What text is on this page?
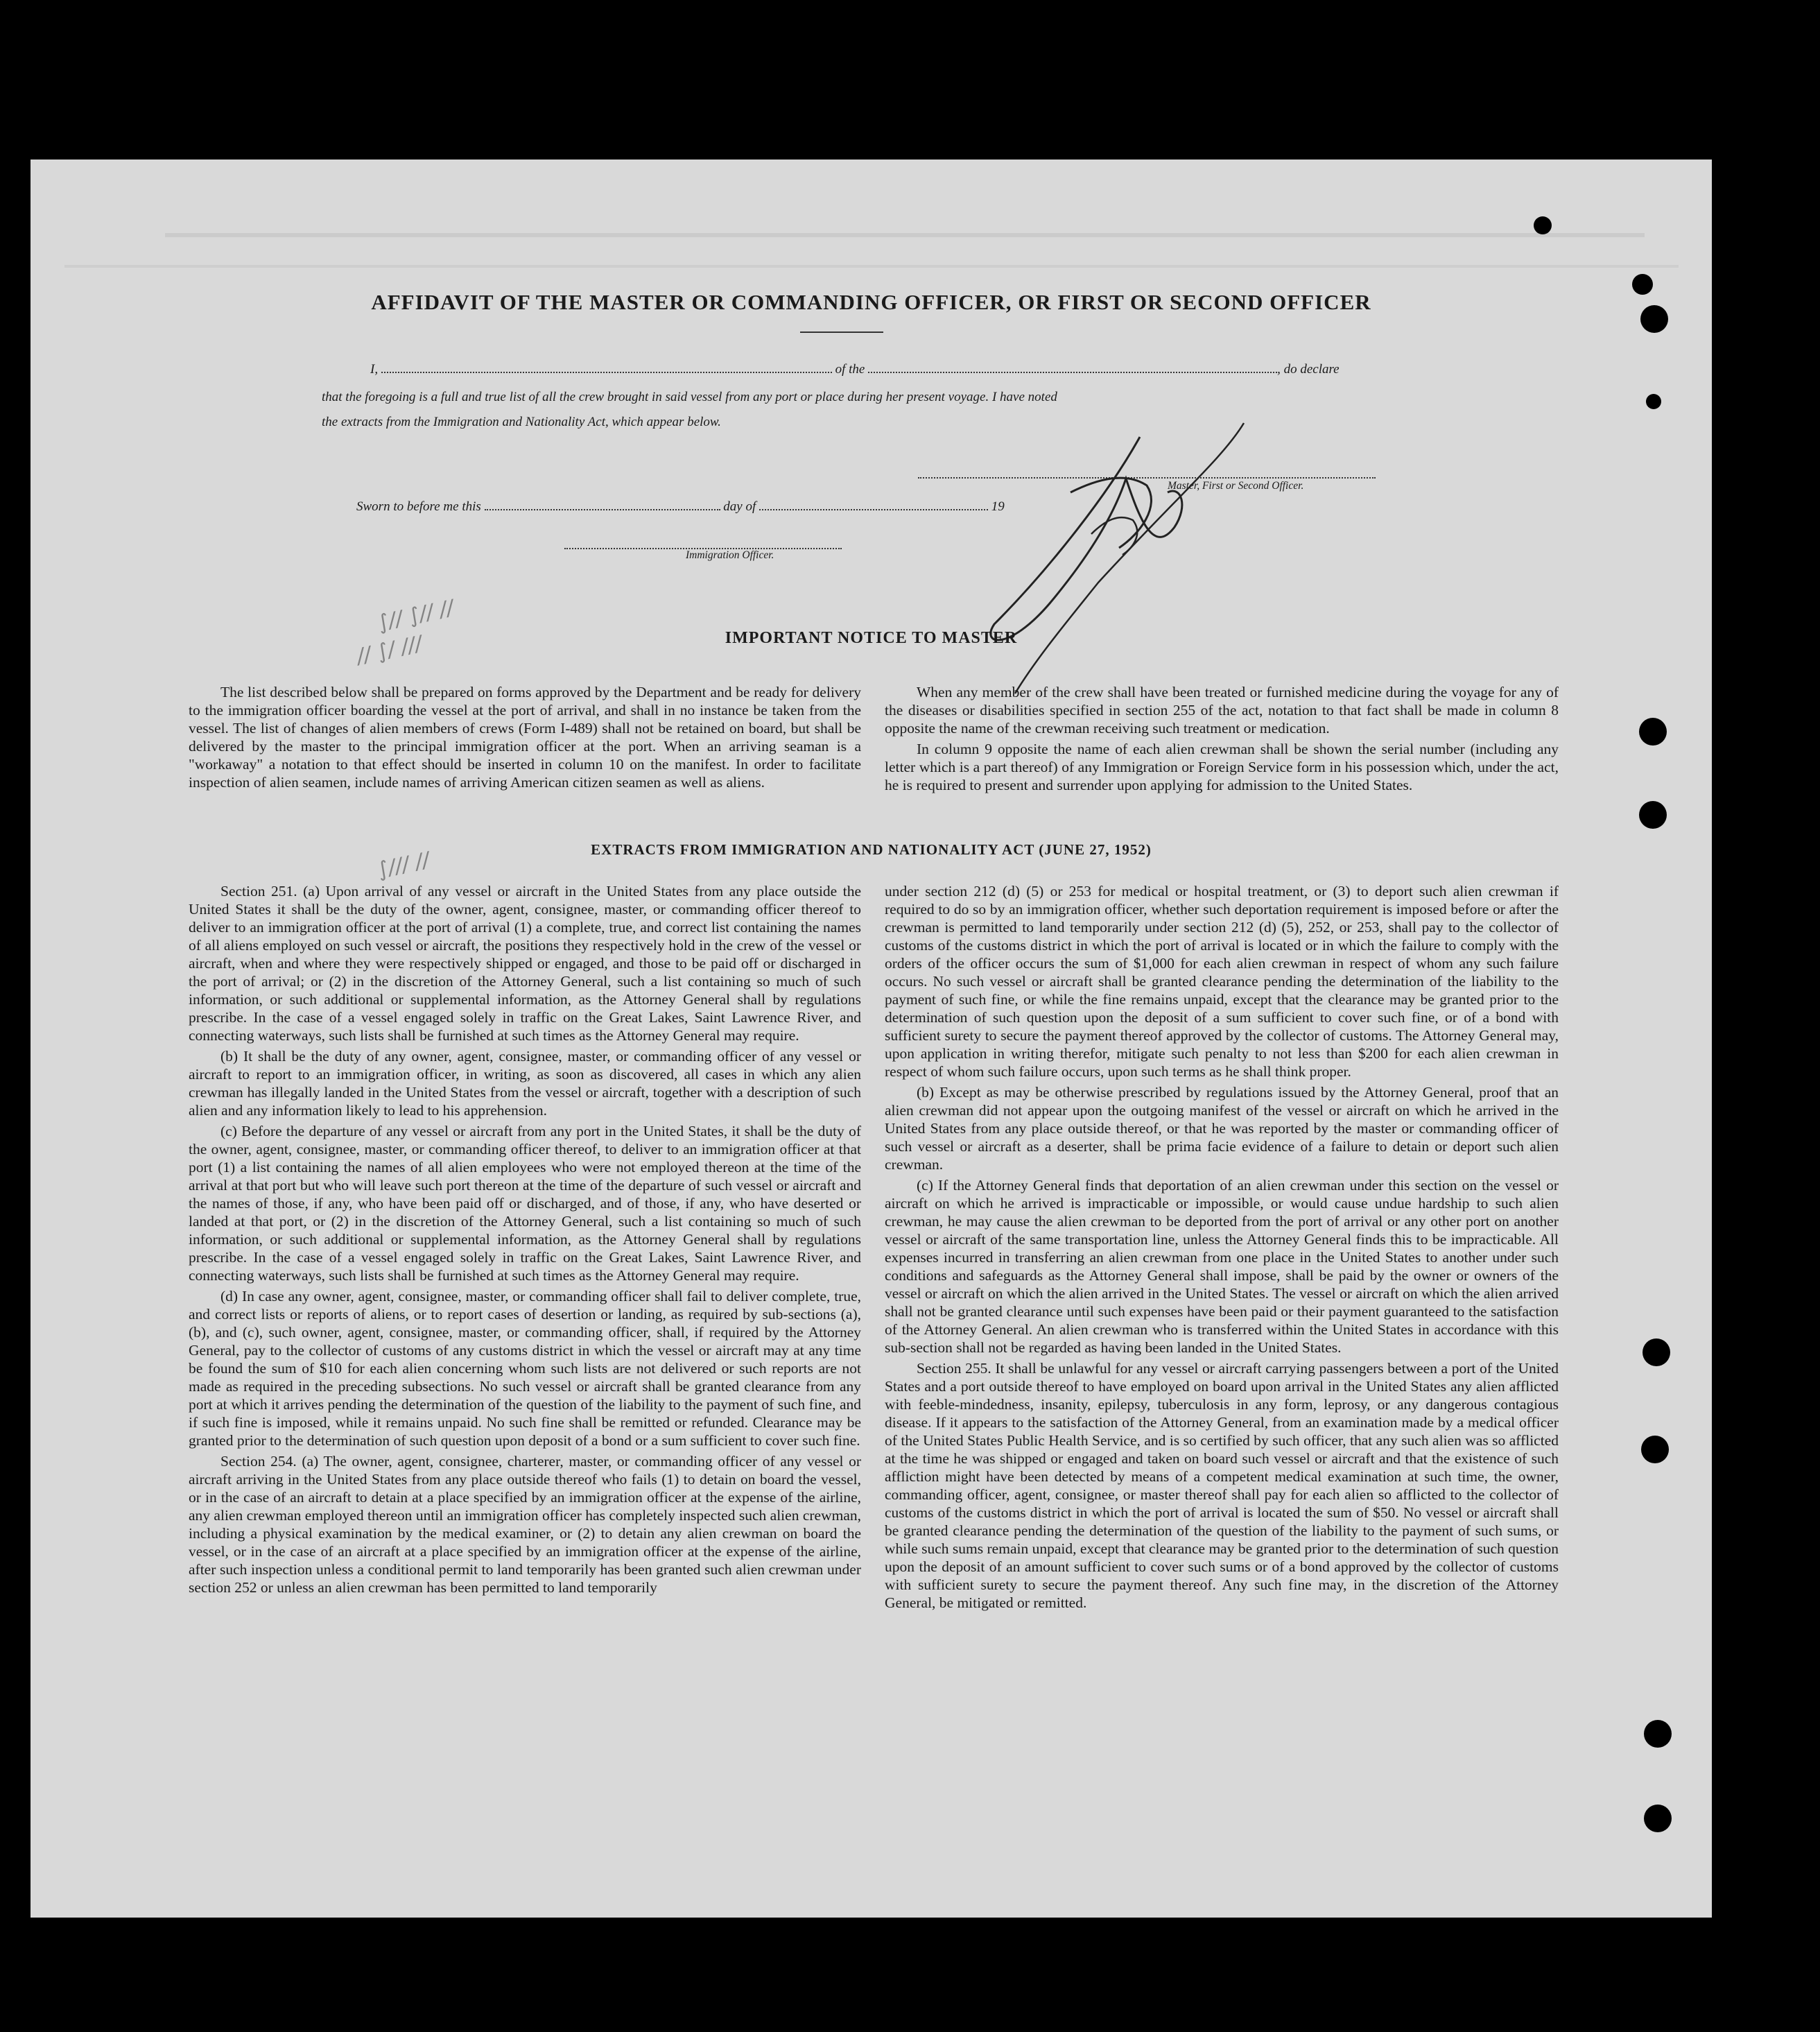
AFFIDAVIT OF THE MASTER OR COMMANDING OFFICER, OR FIRST OR SECOND OFFICER
I,	of the	, do declare
that the foregoing is a full and true list of all the crew brought in said vessel from any port or place during her present voyage. I have noted
the extracts from the Immigration and Nationality Act, which appear below.
Master, First or Second Officer.
Sworn to before me this	day of	19
Immigration Officer.
∫∕∕ ∫∕∕ ∕∕
∕∕ ∫∕ ∕∕∕
∫∕∕∕ ∕∕
IMPORTANT NOTICE TO MASTER

The list described below shall be prepared on forms approved by the Department and be ready for delivery to the immigration officer boarding the vessel at the port of arrival, and shall in no instance be taken from the vessel. The list of changes of alien members of crews (Form I-489) shall not be retained on board, but shall be delivered by the master to the principal immigration officer at the port. When an arriving seaman is a "workaway" a notation to that effect should be inserted in column 10 on the manifest. In order to facilitate inspection of alien seamen, include names of arriving American citizen seamen as well as aliens.

When any member of the crew shall have been treated or furnished medicine during the voyage for any of the diseases or disabilities specified in section 255 of the act, notation to that fact shall be made in column 8 opposite the name of the crewman receiving such treatment or medication.

In column 9 opposite the name of each alien crewman shall be shown the serial number (including any letter which is a part thereof) of any Immigration or Foreign Service form in his possession which, under the act, he is required to present and surrender upon applying for admission to the United States.

EXTRACTS FROM IMMIGRATION AND NATIONALITY ACT (JUNE 27, 1952)

Section 251. (a) Upon arrival of any vessel or aircraft in the United States from any place outside the United States it shall be the duty of the owner, agent, consignee, master, or commanding officer thereof to deliver to an immigration officer at the port of arrival (1) a complete, true, and correct list containing the names of all aliens employed on such vessel or aircraft, the positions they respectively hold in the crew of the vessel or aircraft, when and where they were respectively shipped or engaged, and those to be paid off or discharged in the port of arrival; or (2) in the discretion of the Attorney General, such a list containing so much of such information, or such additional or supplemental information, as the Attorney General shall by regulations prescribe. In the case of a vessel engaged solely in traffic on the Great Lakes, Saint Lawrence River, and connecting waterways, such lists shall be furnished at such times as the Attorney General may require.

(b) It shall be the duty of any owner, agent, consignee, master, or commanding officer of any vessel or aircraft to report to an immigration officer, in writing, as soon as discovered, all cases in which any alien crewman has illegally landed in the United States from the vessel or aircraft, together with a description of such alien and any information likely to lead to his apprehension.

(c) Before the departure of any vessel or aircraft from any port in the United States, it shall be the duty of the owner, agent, consignee, master, or commanding officer thereof, to deliver to an immigration officer at that port (1) a list containing the names of all alien employees who were not employed thereon at the time of the arrival at that port but who will leave such port thereon at the time of the departure of such vessel or aircraft and the names of those, if any, who have been paid off or discharged, and of those, if any, who have deserted or landed at that port, or (2) in the discretion of the Attorney General, such a list containing so much of such information, or such additional or supplemental information, as the Attorney General shall by regulations prescribe. In the case of a vessel engaged solely in traffic on the Great Lakes, Saint Lawrence River, and connecting waterways, such lists shall be furnished at such times as the Attorney General may require.

(d) In case any owner, agent, consignee, master, or commanding officer shall fail to deliver complete, true, and correct lists or reports of aliens, or to report cases of desertion or landing, as required by sub-sections (a), (b), and (c), such owner, agent, consignee, master, or commanding officer, shall, if required by the Attorney General, pay to the collector of customs of any customs district in which the vessel or aircraft may at any time be found the sum of $10 for each alien concerning whom such lists are not delivered or such reports are not made as required in the preceding subsections. No such vessel or aircraft shall be granted clearance from any port at which it arrives pending the determination of the question of the liability to the payment of such fine, and if such fine is imposed, while it remains unpaid. No such fine shall be remitted or refunded. Clearance may be granted prior to the determination of such question upon deposit of a bond or a sum sufficient to cover such fine.

Section 254. (a) The owner, agent, consignee, charterer, master, or commanding officer of any vessel or aircraft arriving in the United States from any place outside thereof who fails (1) to detain on board the vessel, or in the case of an aircraft to detain at a place specified by an immigration officer at the expense of the airline, any alien crewman employed thereon until an immigration officer has completely inspected such alien crewman, including a physical examination by the medical examiner, or (2) to detain any alien crewman on board the vessel, or in the case of an aircraft at a place specified by an immigration officer at the expense of the airline, after such inspection unless a conditional permit to land temporarily has been granted such alien crewman under section 252 or unless an alien crewman has been permitted to land temporarily

under section 212 (d) (5) or 253 for medical or hospital treatment, or (3) to deport such alien crewman if required to do so by an immigration officer, whether such deportation requirement is imposed before or after the crewman is permitted to land temporarily under section 212 (d) (5), 252, or 253, shall pay to the collector of customs of the customs district in which the port of arrival is located or in which the failure to comply with the orders of the officer occurs the sum of $1,000 for each alien crewman in respect of whom any such failure occurs. No such vessel or aircraft shall be granted clearance pending the determination of the liability to the payment of such fine, or while the fine remains unpaid, except that the clearance may be granted prior to the determination of such question upon the deposit of a sum sufficient to cover such fine, or of a bond with sufficient surety to secure the payment thereof approved by the collector of customs. The Attorney General may, upon application in writing therefor, mitigate such penalty to not less than $200 for each alien crewman in respect of whom such failure occurs, upon such terms as he shall think proper.

(b) Except as may be otherwise prescribed by regulations issued by the Attorney General, proof that an alien crewman did not appear upon the outgoing manifest of the vessel or aircraft on which he arrived in the United States from any place outside thereof, or that he was reported by the master or commanding officer of such vessel or aircraft as a deserter, shall be prima facie evidence of a failure to detain or deport such alien crewman.

(c) If the Attorney General finds that deportation of an alien crewman under this section on the vessel or aircraft on which he arrived is impracticable or impossible, or would cause undue hardship to such alien crewman, he may cause the alien crewman to be deported from the port of arrival or any other port on another vessel or aircraft of the same transportation line, unless the Attorney General finds this to be impracticable. All expenses incurred in transferring an alien crewman from one place in the United States to another under such conditions and safeguards as the Attorney General shall impose, shall be paid by the owner or owners of the vessel or aircraft on which the alien arrived in the United States. The vessel or aircraft on which the alien arrived shall not be granted clearance until such expenses have been paid or their payment guaranteed to the satisfaction of the Attorney General. An alien crewman who is transferred within the United States in accordance with this sub-section shall not be regarded as having been landed in the United States.

Section 255. It shall be unlawful for any vessel or aircraft carrying passengers between a port of the United States and a port outside thereof to have employed on board upon arrival in the United States any alien afflicted with feeble-mindedness, insanity, epilepsy, tuberculosis in any form, leprosy, or any dangerous contagious disease. If it appears to the satisfaction of the Attorney General, from an examination made by a medical officer of the United States Public Health Service, and is so certified by such officer, that any such alien was so afflicted at the time he was shipped or engaged and taken on board such vessel or aircraft and that the existence of such affliction might have been detected by means of a competent medical examination at such time, the owner, commanding officer, agent, consignee, or master thereof shall pay for each alien so afflicted to the collector of customs of the customs district in which the port of arrival is located the sum of $50. No vessel or aircraft shall be granted clearance pending the determination of the question of the liability to the payment of such sums, or while such sums remain unpaid, except that clearance may be granted prior to the determination of such question upon the deposit of an amount sufficient to cover such sums or of a bond approved by the collector of customs with sufficient surety to secure the payment thereof. Any such fine may, in the discretion of the Attorney General, be mitigated or remitted.
